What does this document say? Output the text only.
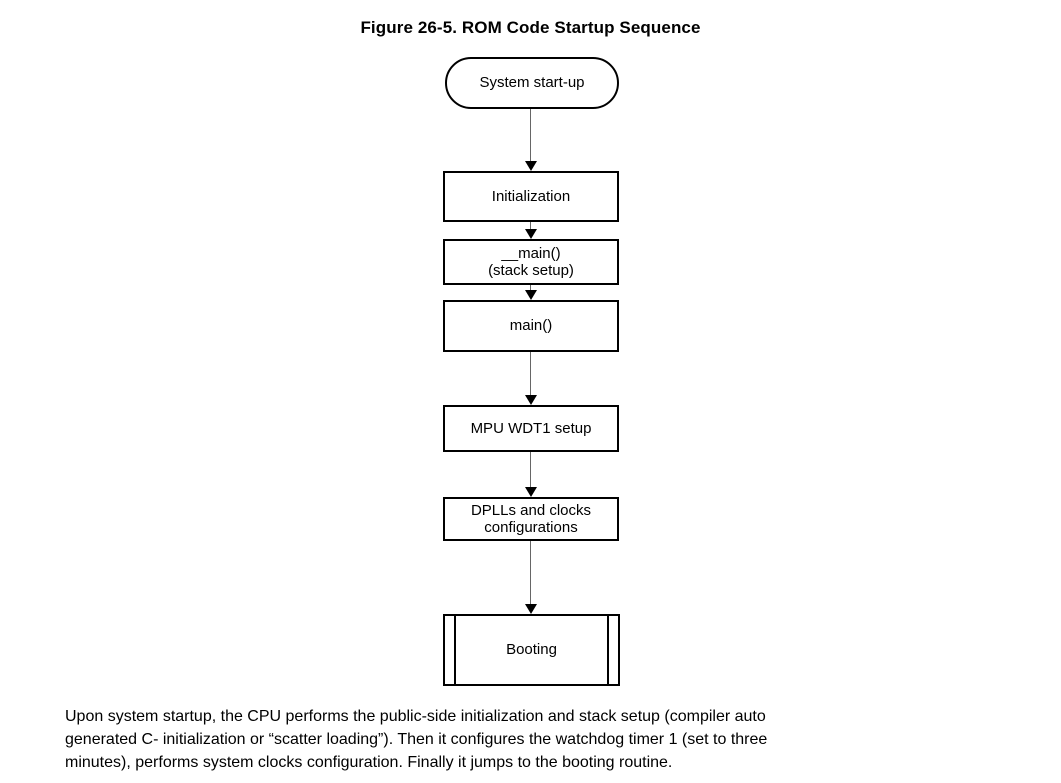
Figure 26-5. ROM Code Startup Sequence
System start-up
Initialization
__main()
(stack setup)
main()
MPU WDT1 setup
DPLLs and clocks
configurations
Booting
Upon system startup, the CPU performs the public-side initialization and stack setup (compiler auto
generated C- initialization or “scatter loading”). Then it configures the watchdog timer 1 (set to three
minutes), performs system clocks configuration. Finally it jumps to the booting routine.
